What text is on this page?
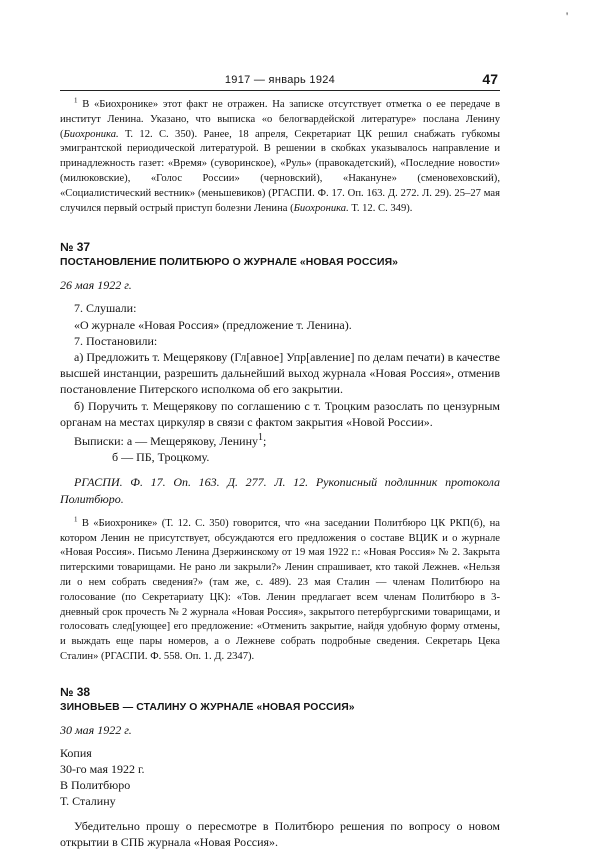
'
1917 — январь 1924	47

$^1$ В «Биохронике» этот факт не отражен. На записке отсутствует отметка о ее передаче в институт Ленина. Указано, что выписка «о белогвардейской литературе» послана Ленину (Биохроника. Т. 12. С. 350). Ранее, 18 апреля, Секретариат ЦК решил снабжать губкомы эмигрантской периодической литературой. В решении в скобках указывалось направление и принадлежность газет: «Время» (суворинское), «Руль» (правокадетский), «Последние новости» (милюковские), «Голос России» (черновский), «Накануне» (сменовеховский), «Социалистический вестник» (меньшевиков) (РГАСПИ. Ф. 17. Оп. 163. Д. 272. Л. 29). 25–27 мая случился первый острый приступ болезни Ленина (Биохроника. Т. 12. С. 349).

№ 37

ПОСТАНОВЛЕНИЕ ПОЛИТБЮРО О ЖУРНАЛЕ «НОВАЯ РОССИЯ»

26 мая 1922 г.

7. Слушали:

«О журнале «Новая Россия» (предложение т. Ленина).

7. Постановили:

а) Предложить т. Мещерякову (Гл[авное] Упр[авление] по делам печати) в качестве высшей инстанции, разрешить дальнейший выход журнала «Новая Россия», отменив постановление Питерского исполкома об его закрытии.

б) Поручить т. Мещерякову по соглашению с т. Троцким разослать по цензурным органам на местах циркуляр в связи с фактом закрытия «Новой России».

Выписки: а — Мещерякову, Ленину$^1$;

б — ПБ, Троцкому.

РГАСПИ. Ф. 17. Оп. 163. Д. 277. Л. 12. Рукописный подлинник протокола Политбюро.

$^1$ В «Биохронике» (Т. 12. С. 350) говорится, что «на заседании Политбюро ЦК РКП(б), на котором Ленин не присутствует, обсуждаются его предложения о составе ВЦИК и о журнале «Новая Россия». Письмо Ленина Дзержинскому от 19 мая 1922 г.: «Новая Россия» № 2. Закрыта питерскими товарищами. Не рано ли закрыли?» Ленин спрашивает, кто такой Лежнев. «Нельзя ли о нем собрать сведения?» (там же, с. 489). 23 мая Сталин — членам Политбюро на голосование (по Секретариату ЦК): «Тов. Ленин предлагает всем членам Политбюро в 3-дневный срок прочесть № 2 журнала «Новая Россия», закрытого петербургскими товарищами, и голосовать след[ующее] его предложение: «Отменить закрытие, найдя удобную форму отмены, и выждать еще пары номеров, а о Лежневе собрать подробные сведения. Секретарь Цека Сталин» (РГАСПИ. Ф. 558. Оп. 1. Д. 2347).

№ 38

ЗИНОВЬЕВ — СТАЛИНУ О ЖУРНАЛЕ «НОВАЯ РОССИЯ»

30 мая 1922 г.

Копия

30-го мая 1922 г.

В Политбюро

Т. Сталину

Убедительно прошу о пересмотре в Политбюро решения по вопросу о новом открытии в СПБ журнала «Новая Россия».
